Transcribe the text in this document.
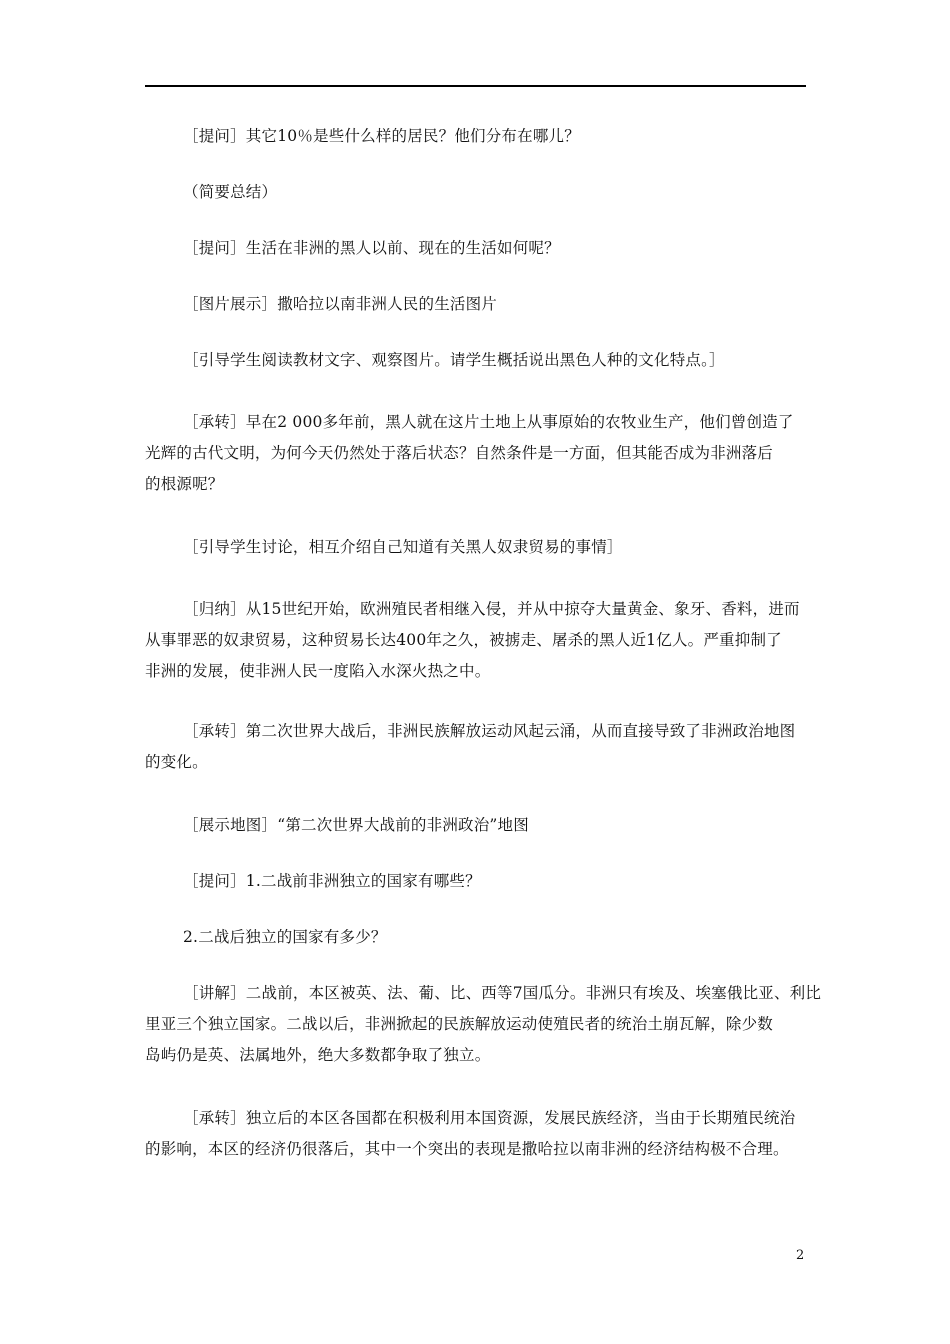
［提问］其它10％是些什么样的居民？他们分布在哪儿？

（简要总结）

［提问］生活在非洲的黑人以前、现在的生活如何呢？

［图片展示］撒哈拉以南非洲人民的生活图片

［引导学生阅读教材文字、观察图片。请学生概括说出黑色人种的文化特点。］

［承转］早在2 000多年前，黑人就在这片土地上从事原始的农牧业生产，他们曾创造了
光辉的古代文明，为何今天仍然处于落后状态？自然条件是一方面，但其能否成为非洲落后
的根源呢？

［引导学生讨论，相互介绍自己知道有关黑人奴隶贸易的事情］

［归纳］从15世纪开始，欧洲殖民者相继入侵，并从中掠夺大量黄金、象牙、香料，进而
从事罪恶的奴隶贸易，这种贸易长达400年之久，被掳走、屠杀的黑人近1亿人。严重抑制了
非洲的发展，使非洲人民一度陷入水深火热之中。

［承转］第二次世界大战后，非洲民族解放运动风起云涌，从而直接导致了非洲政治地图
的变化。

［展示地图］“第二次世界大战前的非洲政治”地图

［提问］1.二战前非洲独立的国家有哪些？

2.二战后独立的国家有多少？

［讲解］二战前，本区被英、法、葡、比、西等7国瓜分。非洲只有埃及、埃塞俄比亚、利比
里亚三个独立国家。二战以后，非洲掀起的民族解放运动使殖民者的统治土崩瓦解，除少数
岛屿仍是英、法属地外，绝大多数都争取了独立。

［承转］独立后的本区各国都在积极利用本国资源，发展民族经济，当由于长期殖民统治
的影响，本区的经济仍很落后，其中一个突出的表现是撒哈拉以南非洲的经济结构极不合理。

2
